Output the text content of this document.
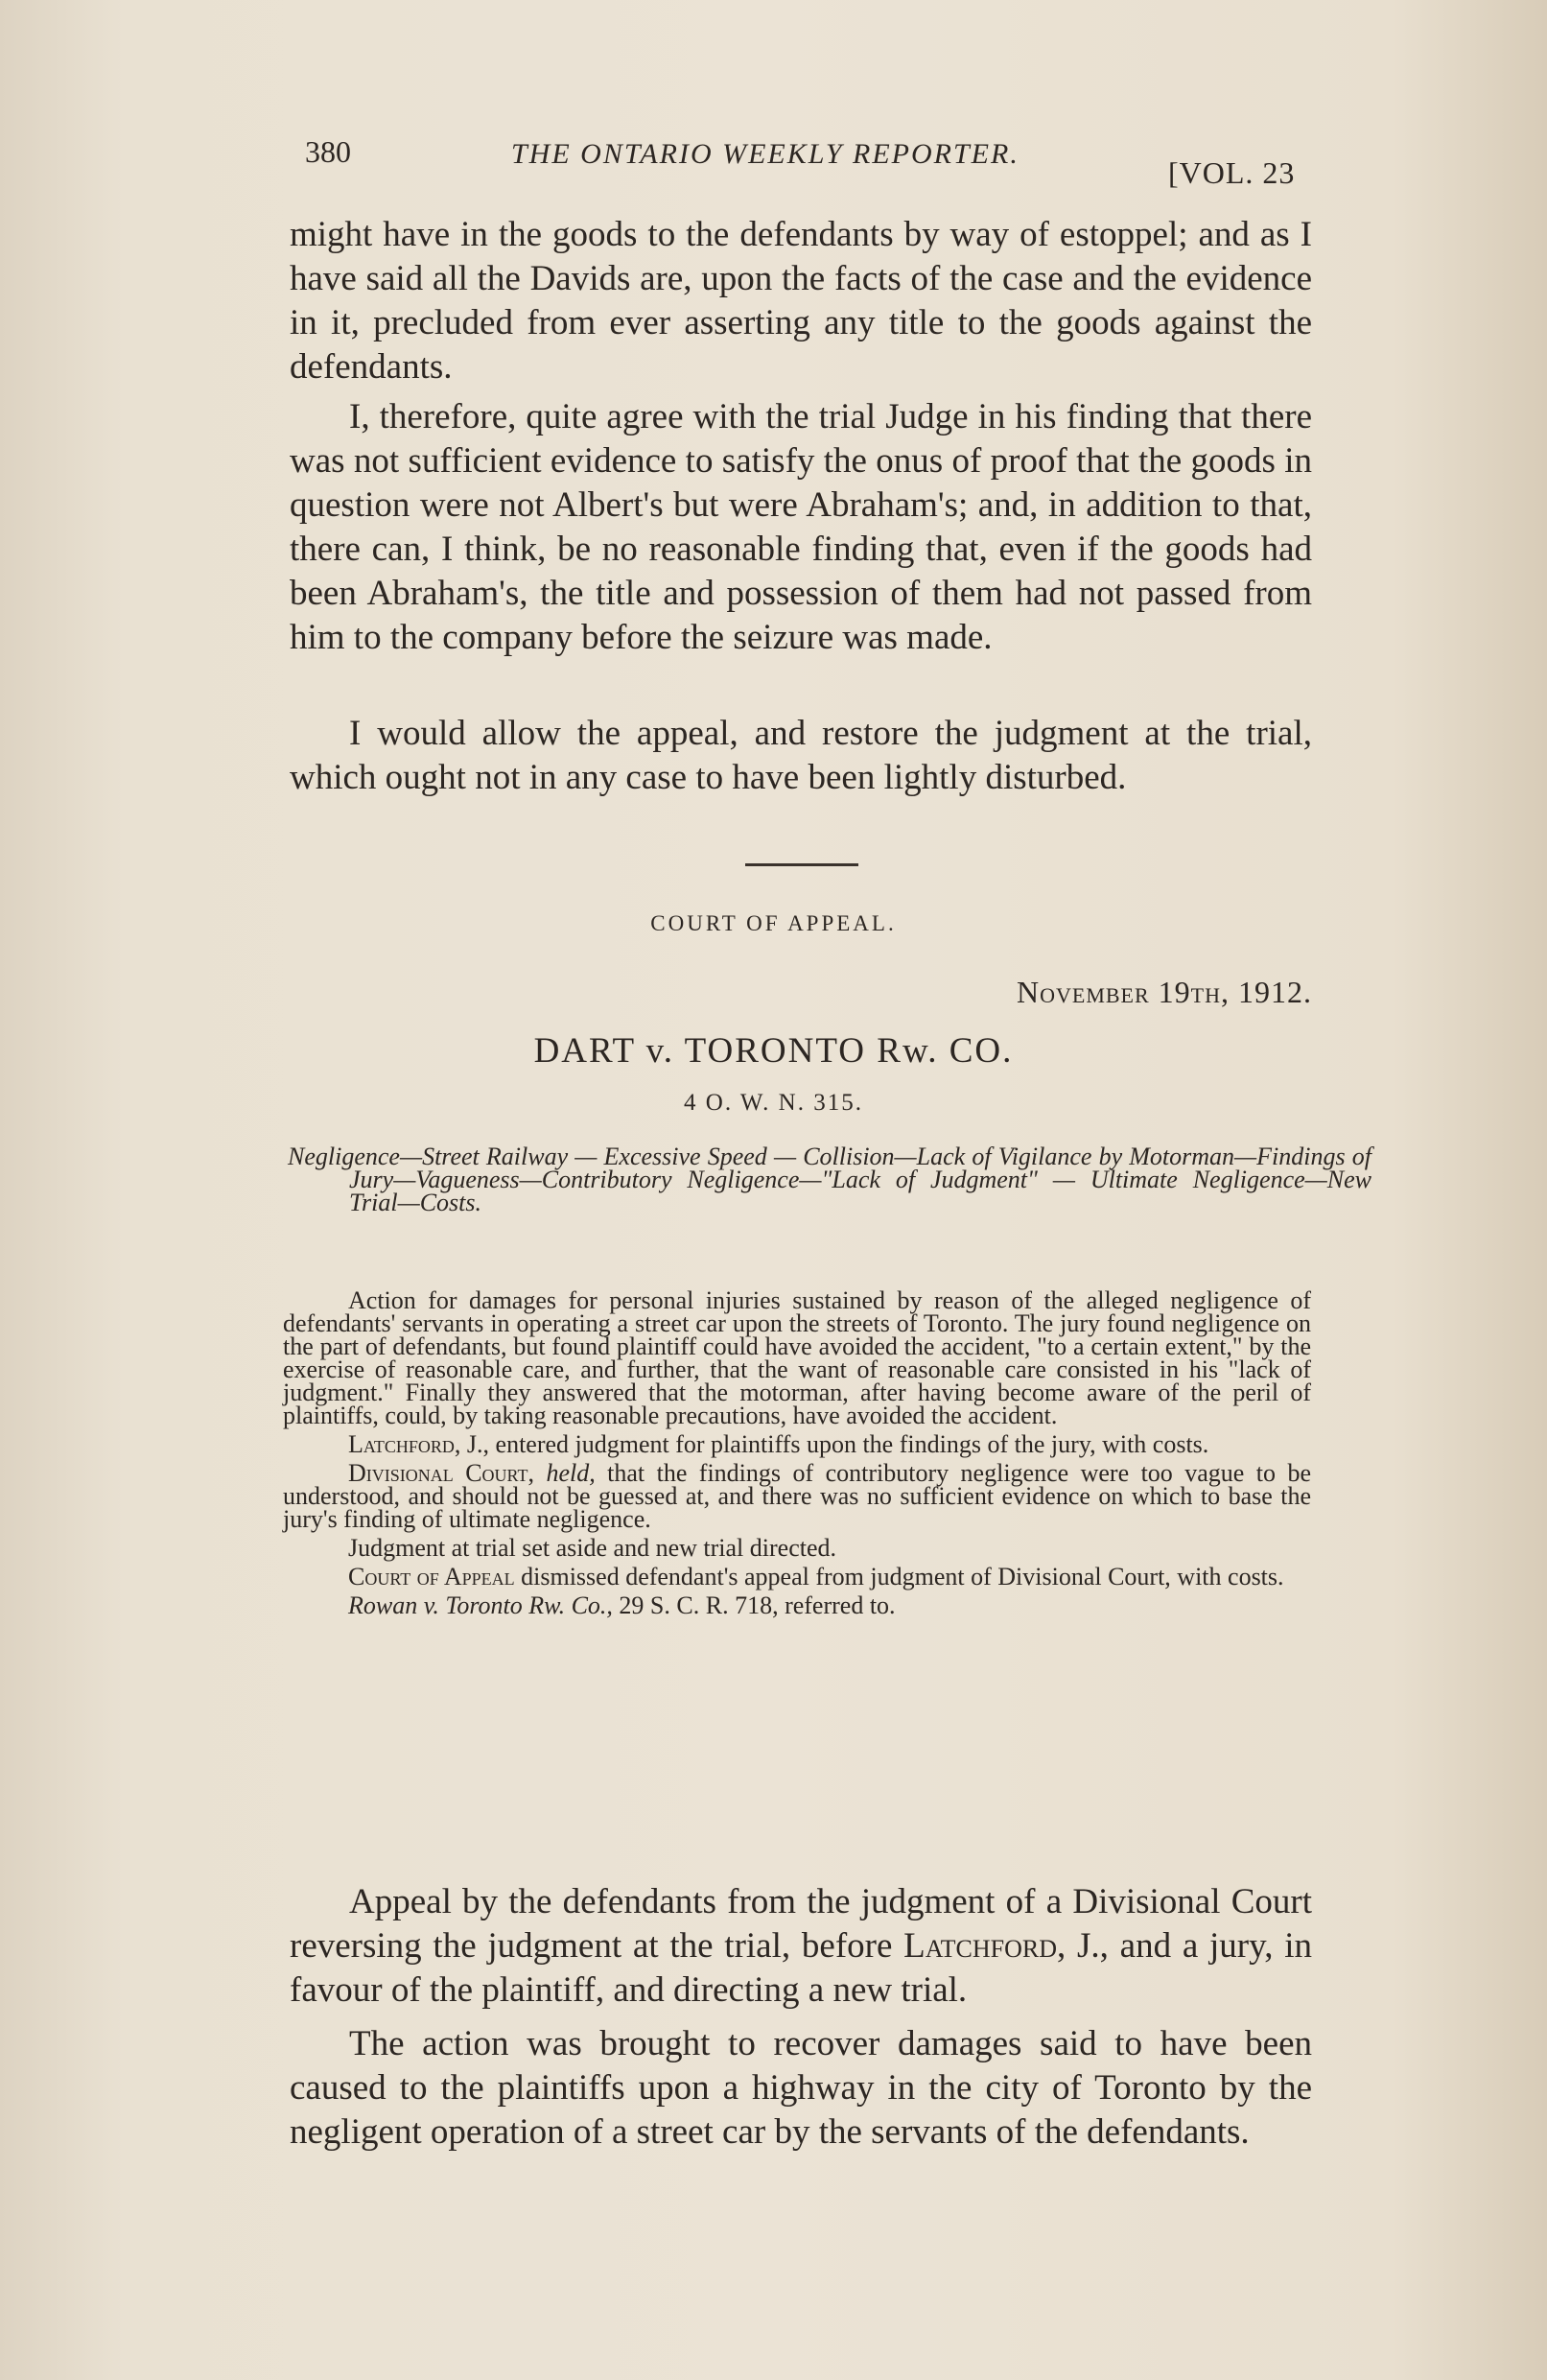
380	THE ONTARIO WEEKLY REPORTER.
[VOL. 23
might have in the goods to the defendants by way of estoppel; and as I have said all the Davids are, upon the facts of the case and the evidence in it, precluded from ever asserting any title to the goods against the defendants.
I, therefore, quite agree with the trial Judge in his finding that there was not sufficient evidence to satisfy the onus of proof that the goods in question were not Albert's but were Abraham's; and, in addition to that, there can, I think, be no reasonable finding that, even if the goods had been Abraham's, the title and possession of them had not passed from him to the company before the seizure was made.
I would allow the appeal, and restore the judgment at the trial, which ought not in any case to have been lightly disturbed.
COURT OF APPEAL.
November 19th, 1912.
DART v. TORONTO Rw. CO.
4 O. W. N. 315.
Negligence—Street Railway — Excessive Speed — Collision—Lack of Vigilance by Motorman—Findings of Jury—Vagueness—Contributory Negligence—"Lack of Judgment" — Ultimate Negligence—New Trial—Costs.

Action for damages for personal injuries sustained by reason of the alleged negligence of defendants' servants in operating a street car upon the streets of Toronto. The jury found negligence on the part of defendants, but found plaintiff could have avoided the accident, "to a certain extent," by the exercise of reasonable care, and further, that the want of reasonable care consisted in his "lack of judgment." Finally they answered that the motorman, after having become aware of the peril of plaintiffs, could, by taking reasonable precautions, have avoided the accident.

Latchford, J., entered judgment for plaintiffs upon the findings of the jury, with costs.

Divisional Court, held, that the findings of contributory negligence were too vague to be understood, and should not be guessed at, and there was no sufficient evidence on which to base the jury's finding of ultimate negligence.

Judgment at trial set aside and new trial directed.

Court of Appeal dismissed defendant's appeal from judgment of Divisional Court, with costs.

Rowan v. Toronto Rw. Co., 29 S. C. R. 718, referred to.

Appeal by the defendants from the judgment of a Divisional Court reversing the judgment at the trial, before Latchford, J., and a jury, in favour of the plaintiff, and directing a new trial.
The action was brought to recover damages said to have been caused to the plaintiffs upon a highway in the city of Toronto by the negligent operation of a street car by the servants of the defendants.
